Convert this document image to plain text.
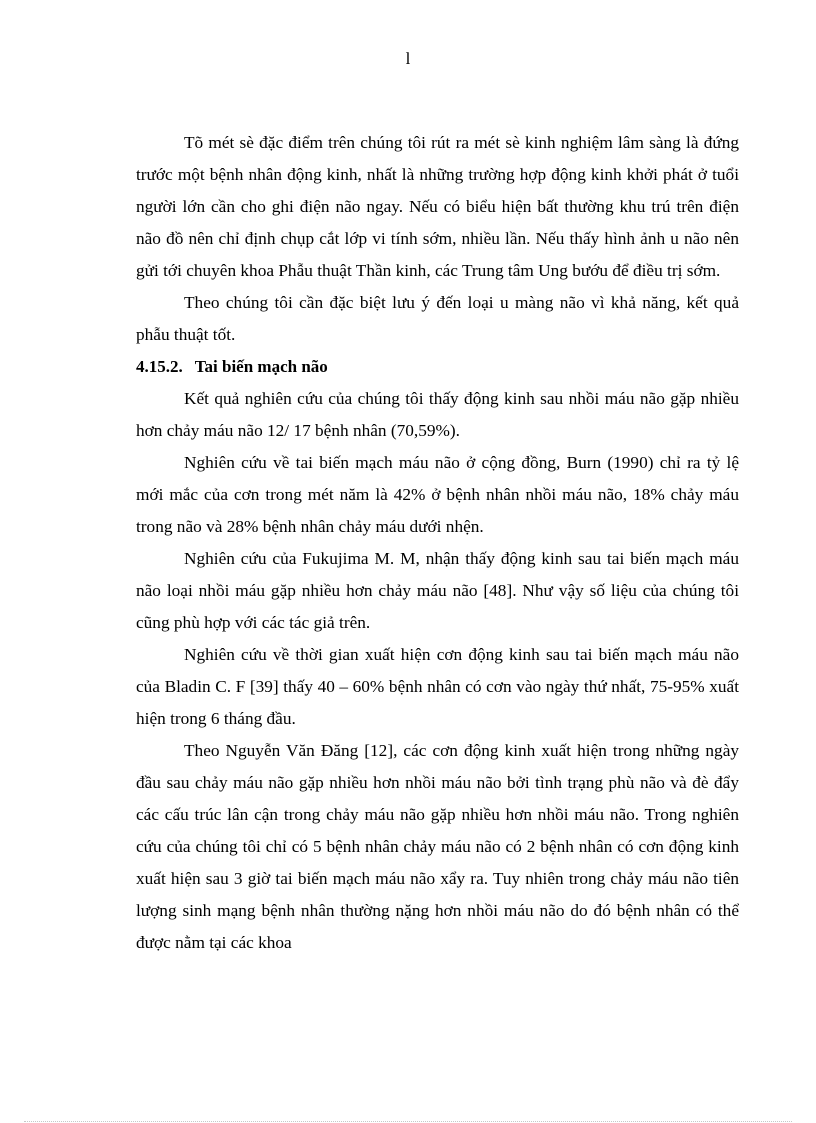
l

Tõ mét sè đặc điểm trên chúng tôi rút ra mét sè kinh nghiệm lâm sàng là đứng trước một bệnh nhân động kinh, nhất là những trường hợp động kinh khởi phát ở tuổi người lớn cần cho ghi điện não ngay. Nếu có biểu hiện bất thường khu trú trên điện não đồ nên chỉ định chụp cắt lớp vi tính sớm, nhiều lần. Nếu thấy hình ảnh u não nên gửi tới chuyên khoa Phẫu thuật Thần kinh, các Trung tâm Ung bướu để điều trị sớm.

Theo chúng tôi cần đặc biệt lưu ý đến loại u màng não vì khả năng, kết quả phẫu thuật tốt.

4.15.2. Tai biến mạch não

Kết quả nghiên cứu của chúng tôi thấy động kinh sau nhồi máu não gặp nhiều hơn chảy máu não 12/ 17 bệnh nhân (70,59%).

Nghiên cứu về tai biến mạch máu não ở cộng đồng, Burn (1990) chỉ ra tỷ lệ mới mắc của cơn trong mét năm là 42% ở bệnh nhân nhồi máu não, 18% chảy máu trong não và 28% bệnh nhân chảy máu dưới nhện.

Nghiên cứu của Fukujima M. M, nhận thấy động kinh sau tai biến mạch máu não loại nhồi máu gặp nhiều hơn chảy máu não [48]. Như vậy số liệu của chúng tôi cũng phù hợp với các tác giả trên.

Nghiên cứu về thời gian xuất hiện cơn động kinh sau tai biến mạch máu não của Bladin C. F [39] thấy 40 – 60% bệnh nhân có cơn vào ngày thứ nhất, 75-95% xuất hiện trong 6 tháng đầu.

Theo Nguyễn Văn Đăng [12], các cơn động kinh xuất hiện trong những ngày đầu sau chảy máu não gặp nhiều hơn nhồi máu não bởi tình trạng phù não và đè đẩy các cấu trúc lân cận trong chảy máu não gặp nhiều hơn nhồi máu não. Trong nghiên cứu của chúng tôi chỉ có 5 bệnh nhân chảy máu não có 2 bệnh nhân có cơn động kinh xuất hiện sau 3 giờ tai biến mạch máu não xẩy ra. Tuy nhiên trong chảy máu não tiên lượng sinh mạng bệnh nhân thường nặng hơn nhồi máu não do đó bệnh nhân có thể được nằm tại các khoa
